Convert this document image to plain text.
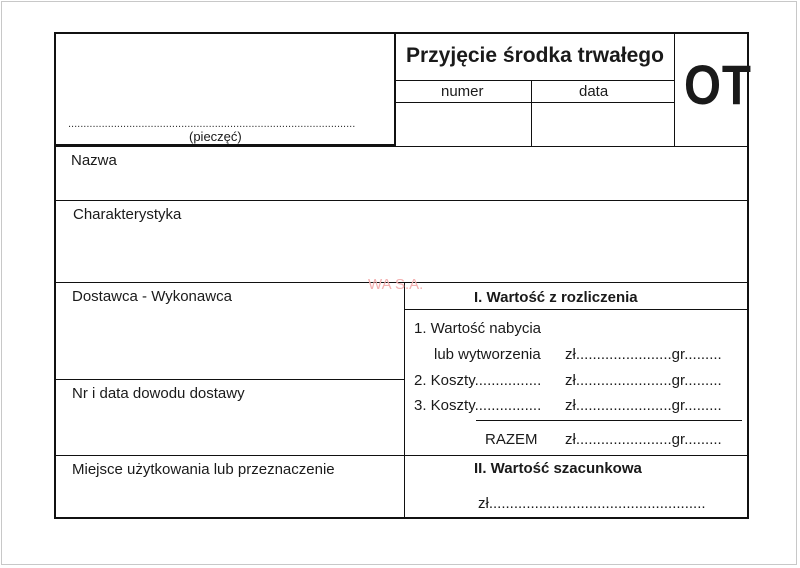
..............................................................................................
(pieczęć)
Przyjęcie środka trwałego
numer	data OT
Nazwa
Charakterystyka
Dostawca - Wykonawca
Nr i data dowodu dostawy
Miejsce użytkowania lub przeznaczenie
I. Wartość z rozliczenia
1. Wartość nabycia
lub wytworzenia zł.......................gr.........
2. Koszty................ zł.......................gr.........
3. Koszty................ zł.......................gr.........
RAZEM zł.......................gr.........
II. Wartość szacunkowa
zł....................................................
WA S.A.
